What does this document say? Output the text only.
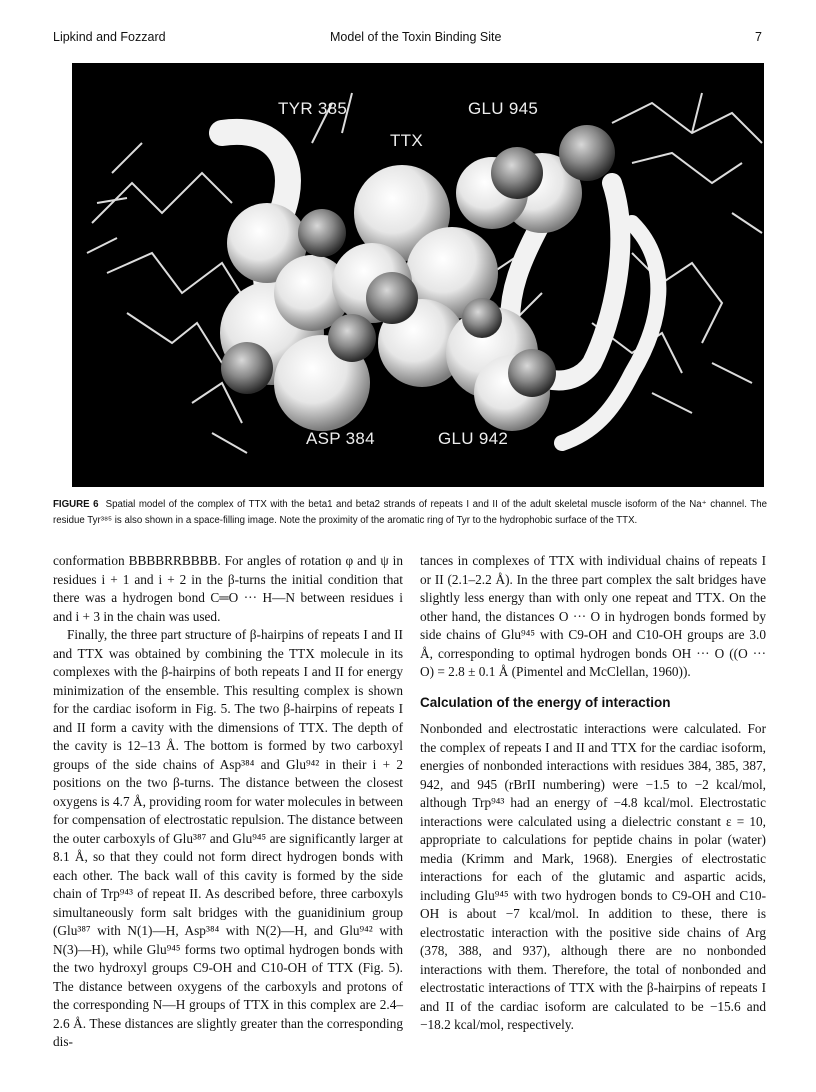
Lipkind and Fozzard	Model of the Toxin Binding Site	7
TYR 385	GLU 945
TTX
ASP 384	GLU 942
FIGURE 6 Spatial model of the complex of TTX with the beta1 and beta2 strands of repeats I and II of the adult skeletal muscle isoform of the Na⁺ channel. The residue Tyr³⁸⁵ is also shown in a space-filling image. Note the proximity of the aromatic ring of Tyr to the hydrophobic surface of the TTX.

conformation BBBBRRBBBB. For angles of rotation φ and ψ in residues i + 1 and i + 2 in the β-turns the initial condition that there was a hydrogen bond C═O ··· H—N between residues i and i + 3 in the chain was used.

Finally, the three part structure of β-hairpins of repeats I and II and TTX was obtained by combining the TTX molecule in its complexes with the β-hairpins of both repeats I and II for energy minimization of the ensemble. This resulting complex is shown for the cardiac isoform in Fig. 5. The two β-hairpins of repeats I and II form a cavity with the dimensions of TTX. The depth of the cavity is 12–13 Å. The bottom is formed by two carboxyl groups of the side chains of Asp³⁸⁴ and Glu⁹⁴² in their i + 2 positions on the two β-turns. The distance between the closest oxygens is 4.7 Å, providing room for water molecules in between for compensation of electrostatic repulsion. The distance between the outer carboxyls of Glu³⁸⁷ and Glu⁹⁴⁵ are significantly larger at 8.1 Å, so that they could not form direct hydrogen bonds with each other. The back wall of this cavity is formed by the side chain of Trp⁹⁴³ of repeat II. As described before, three carboxyls simultaneously form salt bridges with the guanidinium group (Glu³⁸⁷ with N(1)—H, Asp³⁸⁴ with N(2)—H, and Glu⁹⁴² with N(3)—H), while Glu⁹⁴⁵ forms two optimal hydrogen bonds with the two hydroxyl groups C9-OH and C10-OH of TTX (Fig. 5). The distance between oxygens of the carboxyls and protons of the corresponding N—H groups of TTX in this complex are 2.4–2.6 Å. These distances are slightly greater than the corresponding dis-

tances in complexes of TTX with individual chains of repeats I or II (2.1–2.2 Å). In the three part complex the salt bridges have slightly less energy than with only one repeat and TTX. On the other hand, the distances O ··· O in hydrogen bonds formed by side chains of Glu⁹⁴⁵ with C9-OH and C10-OH groups are 3.0 Å, corresponding to optimal hydrogen bonds OH ··· O ((O ··· O) = 2.8 ± 0.1 Å (Pimentel and McClellan, 1960)).

Calculation of the energy of interaction

Nonbonded and electrostatic interactions were calculated. For the complex of repeats I and II and TTX for the cardiac isoform, energies of nonbonded interactions with residues 384, 385, 387, 942, and 945 (rBrII numbering) were −1.5 to −2 kcal/mol, although Trp⁹⁴³ had an energy of −4.8 kcal/mol. Electrostatic interactions were calculated using a dielectric constant ε = 10, appropriate to calculations for peptide chains in polar (water) media (Krimm and Mark, 1968). Energies of electrostatic interactions for each of the glutamic and aspartic acids, including Glu⁹⁴⁵ with two hydrogen bonds to C9-OH and C10-OH is about −7 kcal/mol. In addition to these, there is electrostatic interaction with the positive side chains of Arg (378, 388, and 937), although there are no nonbonded interactions with them. Therefore, the total of nonbonded and electrostatic interactions of TTX with the β-hairpins of repeats I and II of the cardiac isoform are calculated to be −15.6 and −18.2 kcal/mol, respectively.
